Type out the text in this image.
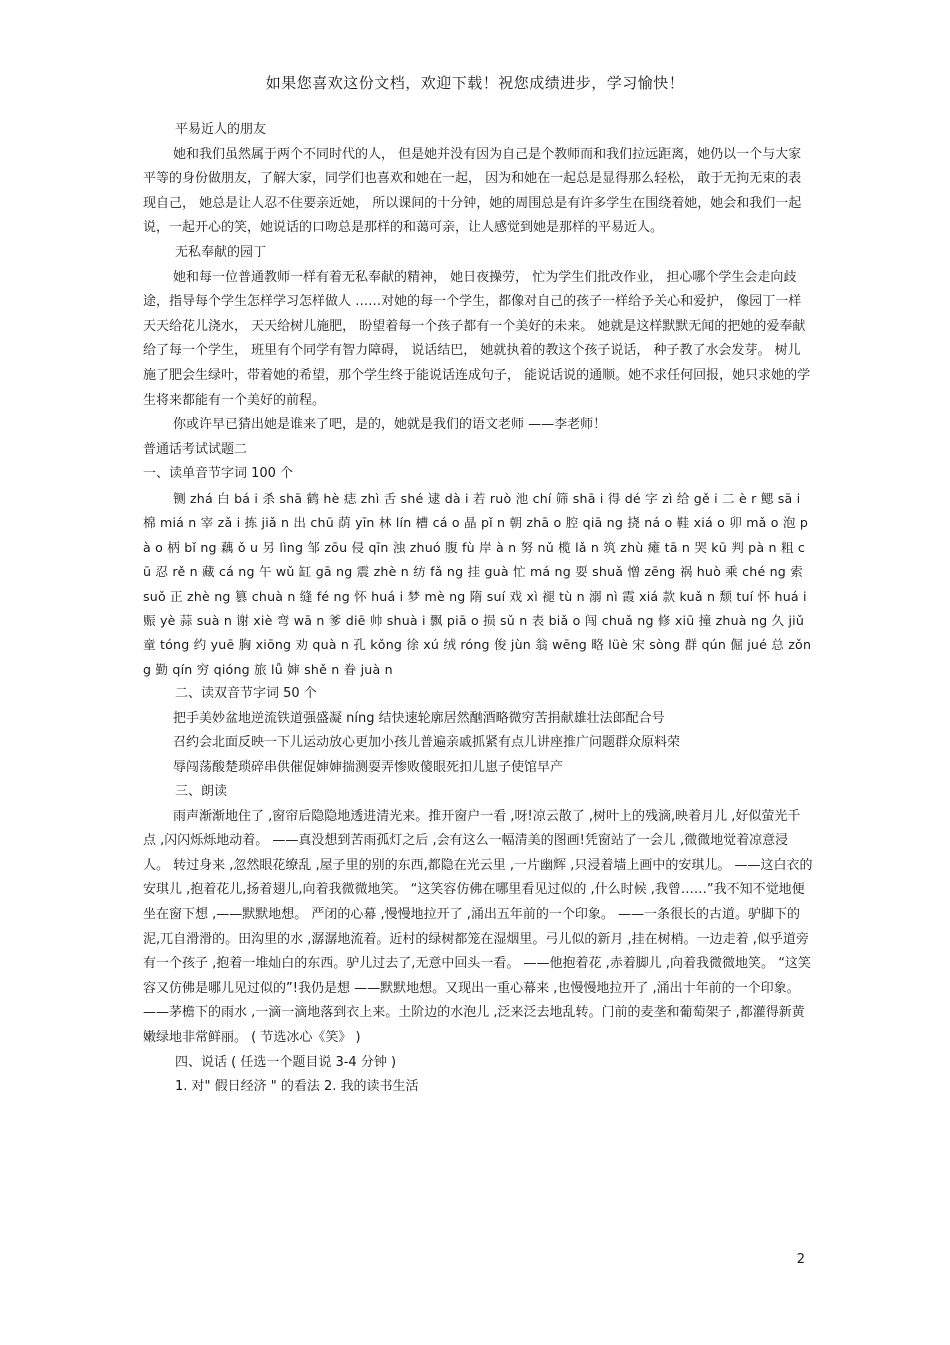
如果您喜欢这份文档，欢迎下载！祝您成绩进步，学习愉快！

平易近人的朋友

她和我们虽然属于两个不同时代的人， 但是她并没有因为自己是个教师而和我们拉远距离，她仍以一个与大家平等的身份做朋友，了解大家，同学们也喜欢和她在一起， 因为和她在一起总是显得那么轻松， 敢于无拘无束的表现自己， 她总是让人忍不住要亲近她， 所以课间的十分钟，她的周围总是有许多学生在围绕着她，她会和我们一起说，一起开心的笑，她说话的口吻总是那样的和蔼可亲，让人感觉到她是那样的平易近人。

无私奉献的园丁

她和每一位普通教师一样有着无私奉献的精神， 她日夜操劳， 忙为学生们批改作业， 担心哪个学生会走向歧途，指导每个学生怎样学习怎样做人 ……对她的每一个学生，都像对自己的孩子一样给予关心和爱护， 像园丁一样天天给花儿浇水， 天天给树儿施肥， 盼望着每一个孩子都有一个美好的未来。 她就是这样默默无闻的把她的爱奉献给了每一个学生， 班里有个同学有智力障碍， 说话结巴， 她就执着的教这个孩子说话， 种子教了水会发芽。 树儿施了肥会生绿叶，带着她的希望，那个学生终于能说话连成句子， 能说话说的通顺。她不求任何回报，她只求她的学生将来都能有一个美好的前程。

你或许早已猜出她是谁来了吧，是的，她就是我们的语文老师 ——李老师！

普通话考试试题二

一、读单音节字词 100 个

铡 zhá 白 bá i 杀 shā 鹤 hè 痣 zhì 舌 shé 逮 dà i 若 ruò 池 chí 筛 shā i 得 dé 字 zì 给 gě i 二 è r 鳃 sā i 棉 miá n 宰 zǎ i 拣 jiǎ n 出 chū 荫 yīn 林 lín 槽 cá o 晶 pǐ n 朝 zhā o 腔 qiā ng 挠 ná o 鞋 xiá o 卯 mǎ o 泡 pà o 柄 bǐ ng 藕 ǒ u 另 lìng 邹 zōu 侵 qīn 浊 zhuó 腹 fù 岸 à n 努 nǔ 榄 lǎ n 筑 zhù 瘫 tā n 哭 kū 判 pà n 粗 cū 忍 rě n 藏 cá ng 午 wǔ 缸 gā ng 震 zhè n 纺 fǎ ng 挂 guà 忙 má ng 耍 shuǎ 憎 zēng 祸 huò 乘 ché ng 索 suǒ 正 zhè ng 篡 chuà n 缝 fé ng 怀 huá i 梦 mè ng 隋 suí 戏 xì 褪 tù n 溺 nì 霞 xiá 款 kuǎ n 颓 tuí 怀 huá i 赈 yè 蒜 suà n 谢 xiè 弯 wā n 爹 diē 帅 shuà i 飘 piā o 损 sǔ n 表 biǎ o 闯 chuǎ ng 修 xiū 撞 zhuà ng 久 jiǔ 童 tóng 约 yuē 胸 xiōng 劝 quà n 孔 kǒng 徐 xú 绒 róng 俊 jùn 翁 wēng 略 lüè 宋 sòng 群 qún 倔 jué 总 zǒng 勤 qín 穷 qióng 旅 lǚ 婶 shě n 眷 juà n

二、读双音节字词 50 个

把手美妙盆地逆流铁道强盛凝 níng 结快速轮廓居然酗酒略微穷苦捐献雄壮法郎配合号

召约会北面反映一下儿运动放心更加小孩儿普遍亲戚抓紧有点儿讲座推广问题群众原料荣

辱闯荡酸楚琐碎串供催促婶婶揣测耍弄惨败傻眼死扣儿崽子使馆早产

三、朗读

雨声渐渐地住了 ,窗帘后隐隐地透进清光来。推开窗户一看 ,呀!凉云散了 ,树叶上的残滴,映着月儿 ,好似萤光千点 ,闪闪烁烁地动着。 ——真没想到苦雨孤灯之后 ,会有这么一幅清美的图画!凭窗站了一会儿 ,微微地觉着凉意浸人。 转过身来 ,忽然眼花缭乱 ,屋子里的别的东西,都隐在光云里 ,一片幽辉 ,只浸着墙上画中的安琪儿。 ——这白衣的安琪儿 ,抱着花儿,扬着翅儿,向着我微微地笑。 “这笑容仿佛在哪里看见过似的 ,什么时候 ,我曾……”我不知不觉地便坐在窗下想 ,——默默地想。 严闭的心幕 ,慢慢地拉开了 ,涌出五年前的一个印象。 ——一条很长的古道。驴脚下的泥,兀自滑滑的。田沟里的水 ,潺潺地流着。近村的绿树都笼在湿烟里。弓儿似的新月 ,挂在树梢。一边走着 ,似乎道旁有一个孩子 ,抱着一堆灿白的东西。驴儿过去了,无意中回头一看。 ——他抱着花 ,赤着脚儿 ,向着我微微地笑。 “这笑容又仿佛是哪儿见过似的”!我仍是想 ——默默地想。又现出一重心幕来 ,也慢慢地拉开了 ,涌出十年前的一个印象。——茅檐下的雨水 ,一滴一滴地落到衣上来。土阶边的水泡儿 ,泛来泛去地乱转。门前的麦垄和葡萄架子 ,都灌得新黄嫩绿地非常鲜丽。 ( 节选冰心《笑》 )

四、说话 ( 任选一个题目说 3-4 分钟 )

1. 对" 假日经济 " 的看法 2. 我的读书生活

2
